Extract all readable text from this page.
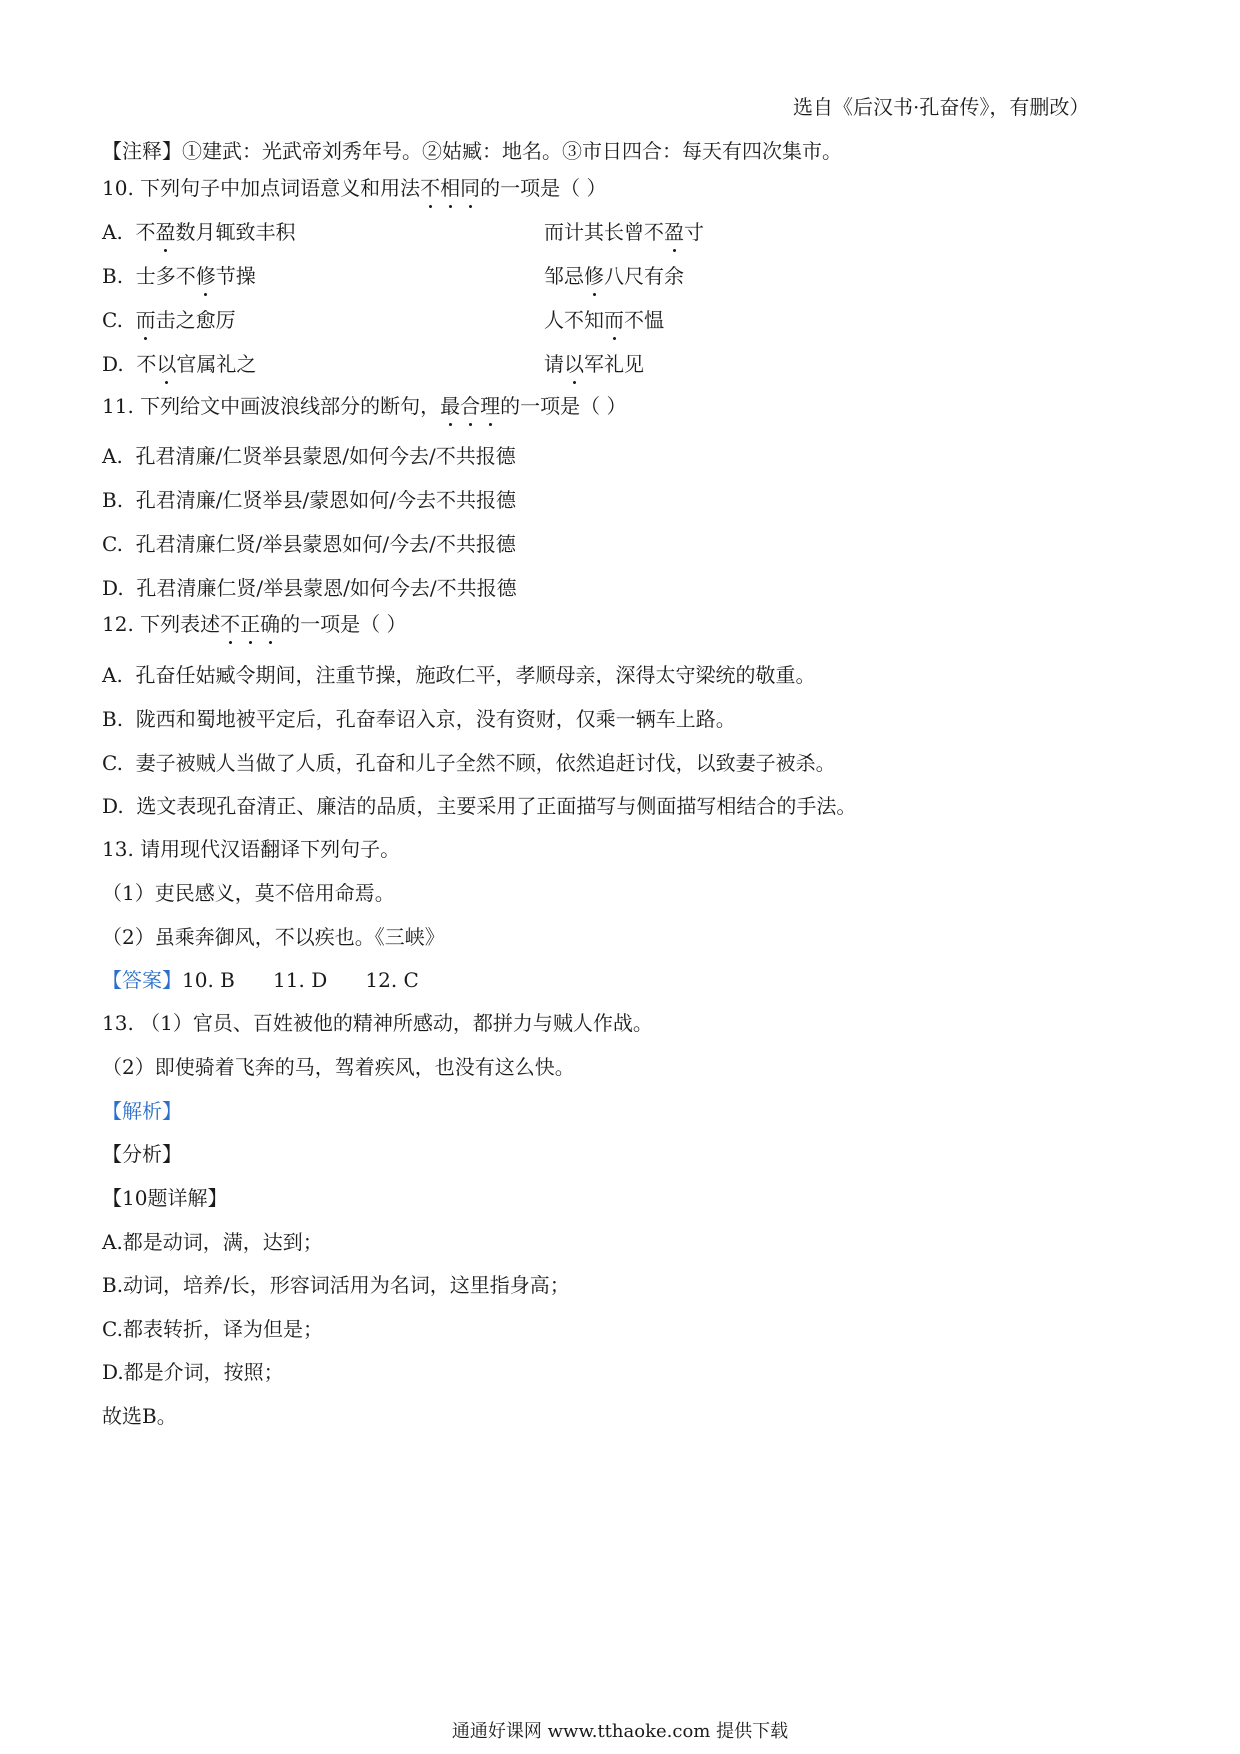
选自《后汉书·孔奋传》，有删改）
【注释】①建武：光武帝刘秀年号。②姑臧：地名。③市日四合：每天有四次集市。
10. 下列句子中加点词语意义和用法不相同的一项是（ ）
A. 不盈数月辄致丰积	而计其长曾不盈寸
B. 士多不修节操	邹忌修八尺有余
C. 而击之愈厉	人不知而不愠
D. 不以官属礼之	请以军礼见
11. 下列给文中画波浪线部分的断句，最合理的一项是（ ）
A. 孔君清廉/仁贤举县蒙恩/如何今去/不共报德
B. 孔君清廉/仁贤举县/蒙恩如何/今去不共报德
C. 孔君清廉仁贤/举县蒙恩如何/今去/不共报德
D. 孔君清廉仁贤/举县蒙恩/如何今去/不共报德
12. 下列表述不正确的一项是（ ）
A. 孔奋任姑臧令期间，注重节操，施政仁平，孝顺母亲，深得太守梁统的敬重。
B. 陇西和蜀地被平定后，孔奋奉诏入京，没有资财，仅乘一辆车上路。
C. 妻子被贼人当做了人质，孔奋和儿子全然不顾，依然追赶讨伐，以致妻子被杀。
D. 选文表现孔奋清正、廉洁的品质，主要采用了正面描写与侧面描写相结合的手法。
13. 请用现代汉语翻译下列句子。
（1）吏民感义，莫不倍用命焉。
（2）虽乘奔御风，不以疾也。《三峡》
【答案】10. B 11. D 12. C
13. （1）官员、百姓被他的精神所感动，都拼力与贼人作战。
（2）即使骑着飞奔的马，驾着疾风，也没有这么快。
【解析】
【分析】
【10题详解】
A.都是动词，满，达到；
B.动词，培养/长，形容词活用为名词，这里指身高；
C.都表转折，译为但是；
D.都是介词，按照；
故选B。
通通好课网 www.tthaoke.com 提供下载
